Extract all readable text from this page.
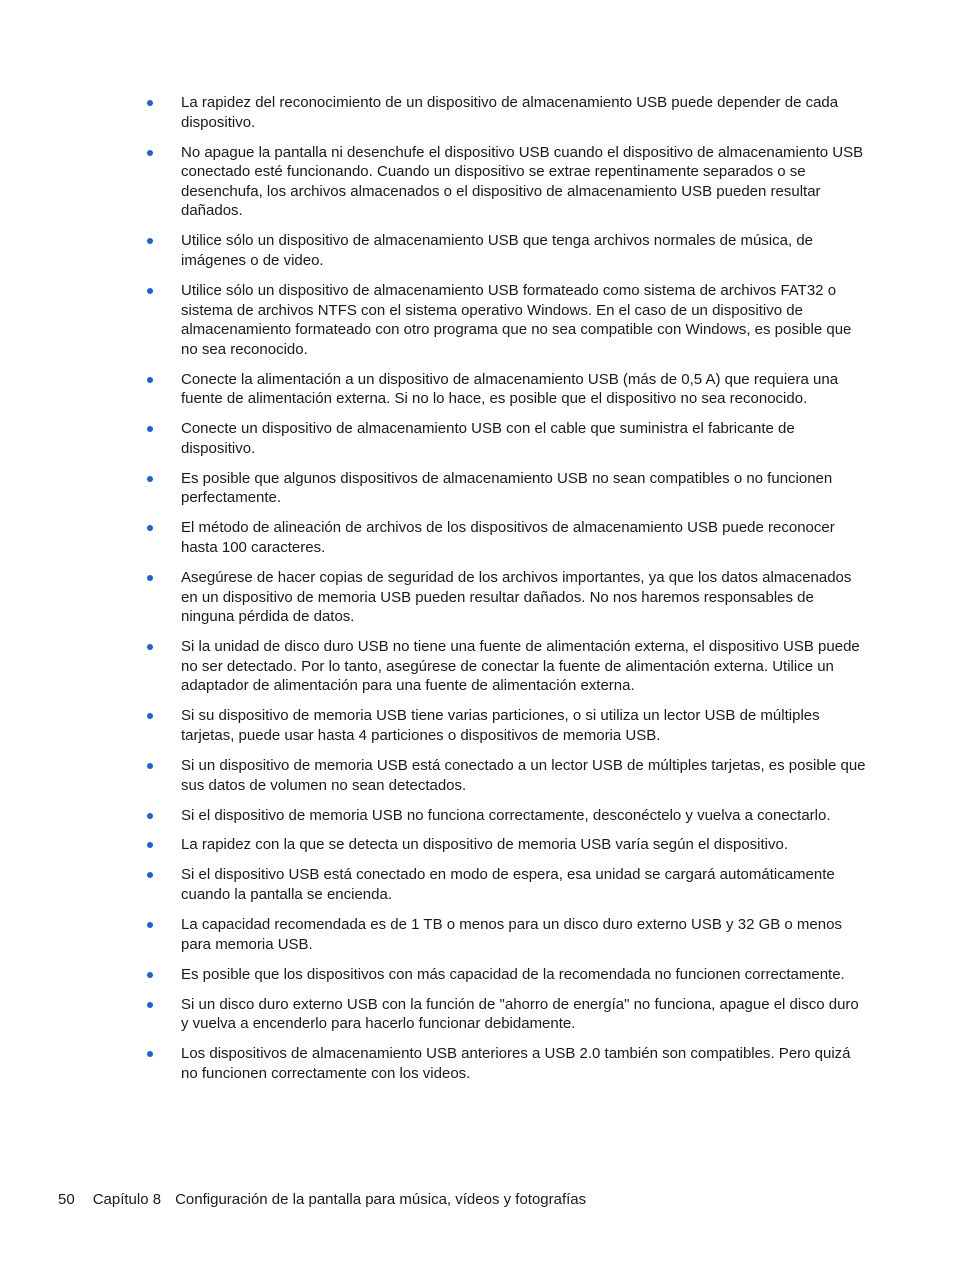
La rapidez del reconocimiento de un dispositivo de almacenamiento USB puede depender de cada dispositivo.
No apague la pantalla ni desenchufe el dispositivo USB cuando el dispositivo de almacenamiento USB conectado esté funcionando. Cuando un dispositivo se extrae repentinamente separados o se desenchufa, los archivos almacenados o el dispositivo de almacenamiento USB pueden resultar dañados.
Utilice sólo un dispositivo de almacenamiento USB que tenga archivos normales de música, de imágenes o de video.
Utilice sólo un dispositivo de almacenamiento USB formateado como sistema de archivos FAT32 o sistema de archivos NTFS con el sistema operativo Windows. En el caso de un dispositivo de almacenamiento formateado con otro programa que no sea compatible con Windows, es posible que no sea reconocido.
Conecte la alimentación a un dispositivo de almacenamiento USB (más de 0,5 A) que requiera una fuente de alimentación externa. Si no lo hace, es posible que el dispositivo no sea reconocido.
Conecte un dispositivo de almacenamiento USB con el cable que suministra el fabricante de dispositivo.
Es posible que algunos dispositivos de almacenamiento USB no sean compatibles o no funcionen perfectamente.
El método de alineación de archivos de los dispositivos de almacenamiento USB puede reconocer hasta 100 caracteres.
Asegúrese de hacer copias de seguridad de los archivos importantes, ya que los datos almacenados en un dispositivo de memoria USB pueden resultar dañados. No nos haremos responsables de ninguna pérdida de datos.
Si la unidad de disco duro USB no tiene una fuente de alimentación externa, el dispositivo USB puede no ser detectado. Por lo tanto, asegúrese de conectar la fuente de alimentación externa. Utilice un adaptador de alimentación para una fuente de alimentación externa.
Si su dispositivo de memoria USB tiene varias particiones, o si utiliza un lector USB de múltiples tarjetas, puede usar hasta 4 particiones o dispositivos de memoria USB.
Si un dispositivo de memoria USB está conectado a un lector USB de múltiples tarjetas, es posible que sus datos de volumen no sean detectados.
Si el dispositivo de memoria USB no funciona correctamente, desconéctelo y vuelva a conectarlo.
La rapidez con la que se detecta un dispositivo de memoria USB varía según el dispositivo.
Si el dispositivo USB está conectado en modo de espera, esa unidad se cargará automáticamente cuando la pantalla se encienda.
La capacidad recomendada es de 1 TB o menos para un disco duro externo USB y 32 GB o menos para memoria USB.
Es posible que los dispositivos con más capacidad de la recomendada no funcionen correctamente.
Si un disco duro externo USB con la función de "ahorro de energía" no funciona, apague el disco duro y vuelva a encenderlo para hacerlo funcionar debidamente.
Los dispositivos de almacenamiento USB anteriores a USB 2.0 también son compatibles. Pero quizá no funcionen correctamente con los videos.
50 Capítulo 8 Configuración de la pantalla para música, vídeos y fotografías
